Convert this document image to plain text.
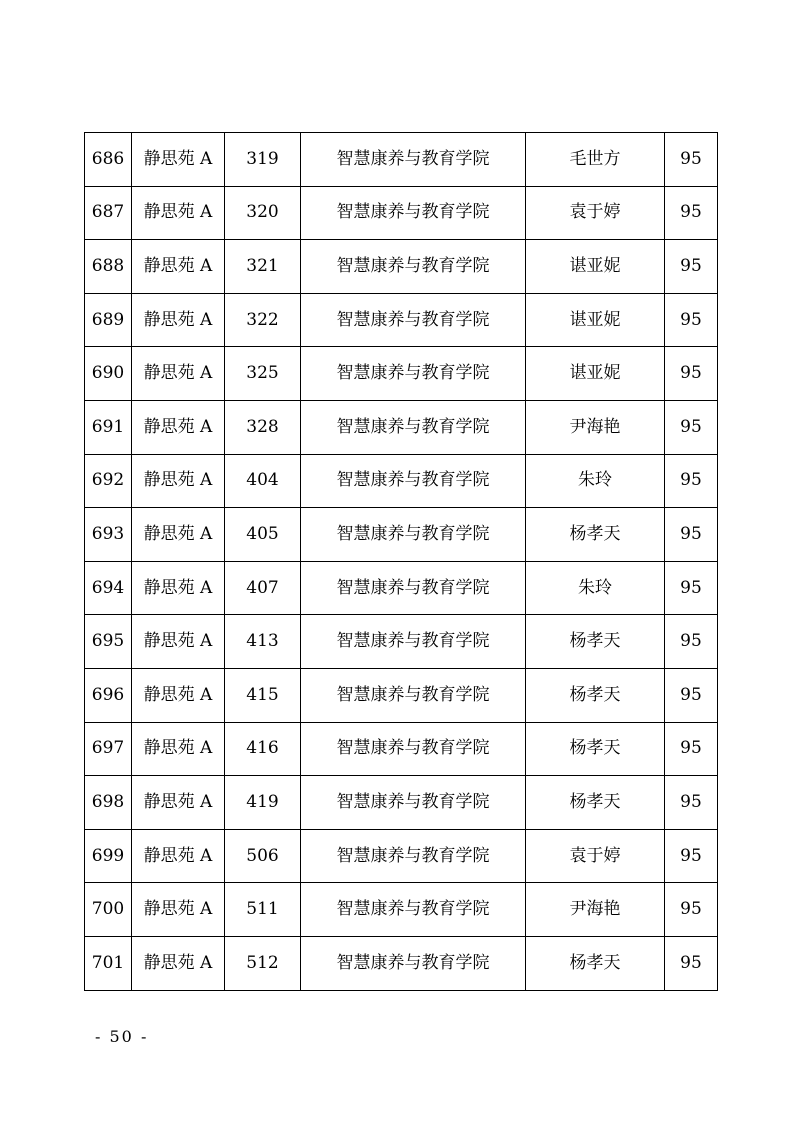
686	静思苑 A	319	智慧康养与教育学院	毛世方	95
687	静思苑 A	320	智慧康养与教育学院	袁于婷	95
688	静思苑 A	321	智慧康养与教育学院	谌亚妮	95
689	静思苑 A	322	智慧康养与教育学院	谌亚妮	95
690	静思苑 A	325	智慧康养与教育学院	谌亚妮	95
691	静思苑 A	328	智慧康养与教育学院	尹海艳	95
692	静思苑 A	404	智慧康养与教育学院	朱玲	95
693	静思苑 A	405	智慧康养与教育学院	杨孝天	95
694	静思苑 A	407	智慧康养与教育学院	朱玲	95
695	静思苑 A	413	智慧康养与教育学院	杨孝天	95
696	静思苑 A	415	智慧康养与教育学院	杨孝天	95
697	静思苑 A	416	智慧康养与教育学院	杨孝天	95
698	静思苑 A	419	智慧康养与教育学院	杨孝天	95
699	静思苑 A	506	智慧康养与教育学院	袁于婷	95
700	静思苑 A	511	智慧康养与教育学院	尹海艳	95
701	静思苑 A	512	智慧康养与教育学院	杨孝天	95
- 50 -
